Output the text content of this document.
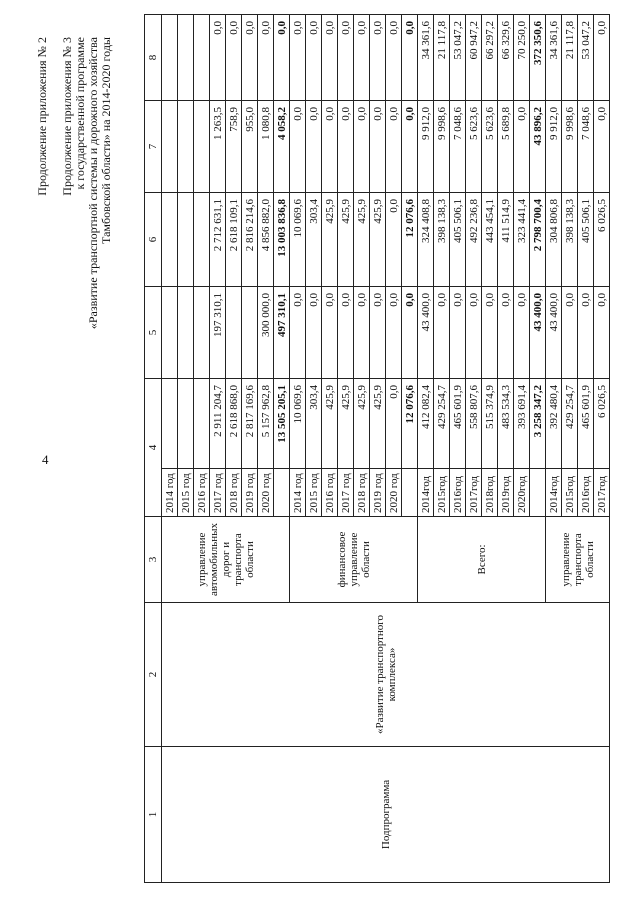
4
Продолжение приложения № 2 Продолжение приложения № 3 к государственной программе «Развитие транспортной системы и дорожного хозяйства Тамбовской области» на 2014-2020 годы
1	2	3	4		5	6	7	8
Подпрограмма	«Развитие транспортного комплекса»	управление автомобильных дорог и транспорта области	2014 год					
			2015 год					
			2016 год					
			2017 год	2 911 204,7	197 310,1	2 712 631,1	1 263,5	0,0
			2018 год	2 618 868,0		2 618 109,1	758,9	0,0
			2019 год	2 817 169,6		2 816 214,6	955,0	0,0
			2020 год	5 157 962,8	300 000,0	4 856 882,0	1 080,8	0,0
				13 505 205,1	497 310,1	13 003 836,8	4 058,2	0,0
		финансовое управление области	2014 год	10 069,6	0,0	10 069,6	0,0	0,0
			2015 год	303,4	0,0	303,4	0,0	0,0
			2016 год	425,9	0,0	425,9	0,0	0,0
			2017 год	425,9	0,0	425,9	0,0	0,0
			2018 год	425,9	0,0	425,9	0,0	0,0
			2019 год	425,9	0,0	425,9	0,0	0,0
			2020 год	0,0	0,0	0,0	0,0	0,0
				12 076,6	0,0	12 076,6	0,0	0,0
		Всего:	2014год	412 082,4	43 400,0	324 408,8	9 912,0	34 361,6
			2015год	429 254,7	0,0	398 138,3	9 998,6	21 117,8
			2016год	465 601,9	0,0	405 506,1	7 048,6	53 047,2
			2017год	558 807,6	0,0	492 236,8	5 623,6	60 947,2
			2018год	515 374,9	0,0	443 454,1	5 623,6	66 297,2
			2019год	483 534,3	0,0	411 514,9	5 689,8	66 329,6
			2020год	393 691,4	0,0	323 441,4	0,0	70 250,0
				3 258 347,2	43 400,0	2 798 700,4	43 896,2	372 350,6
		управление транспорта области	2014год	392 480,4	43 400,0	304 806,8	9 912,0	34 361,6
			2015год	429 254,7	0,0	398 138,3	9 998,6	21 117,8
			2016год	465 601,9	0,0	405 506,1	7 048,6	53 047,2
			2017год	6 026,5	0,0	6 026,5	0,0	0,0
